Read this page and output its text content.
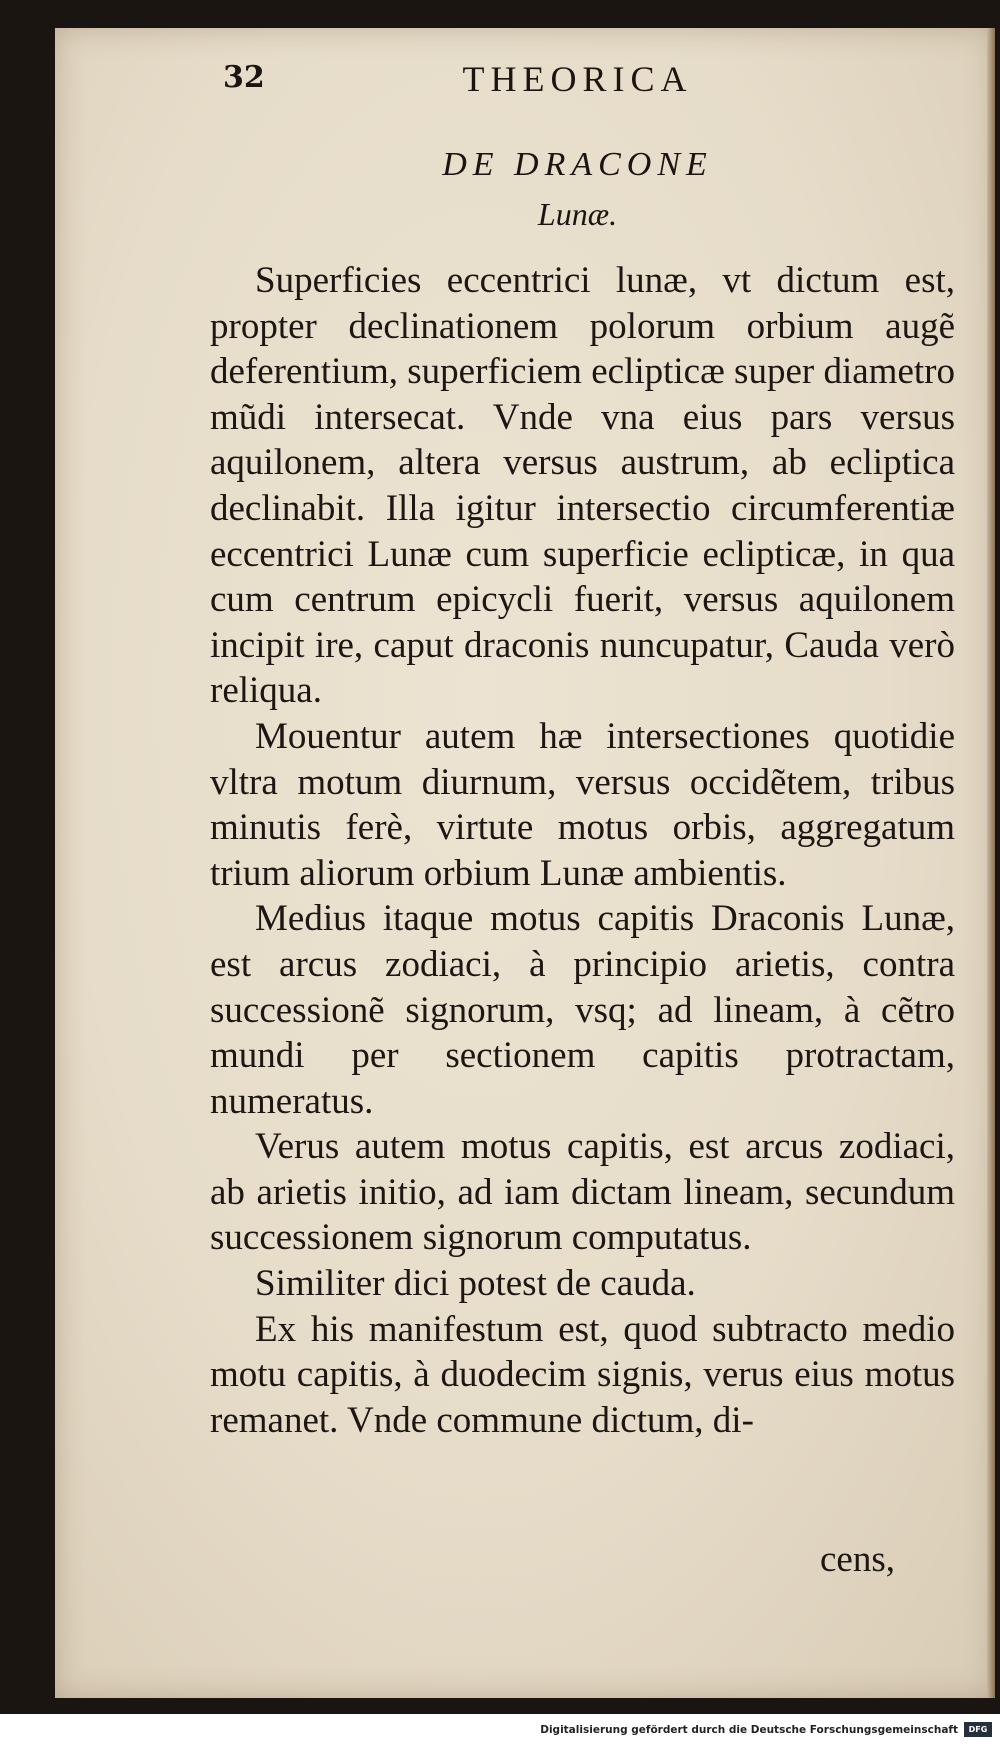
32	THEORICA
DE DRACONE
Lunæ.

Superficies eccentrici lunæ, vt dictum est, propter declinationem polorum orbium augẽ deferentium, superficiem eclipticæ super diametro mũdi intersecat. Vnde vna eius pars versus aquilonem, altera versus austrum, ab ecliptica declinabit. Illa igitur intersectio circumferentiæ eccentrici Lunæ cum superficie eclipticæ, in qua cum centrum epicycli fuerit, versus aquilonem incipit ire, caput draconis nuncupatur, Cauda verò reliqua.

Mouentur autem hæ intersectiones quotidie vltra motum diurnum, versus occidẽtem, tribus minutis ferè, virtute motus orbis, aggregatum trium aliorum orbium Lunæ ambientis.

Medius itaque motus capitis Draconis Lunæ, est arcus zodiaci, à principio arietis, contra successionẽ signorum, vsq; ad lineam, à cẽtro mundi per sectionem capitis protractam, numeratus.

Verus autem motus capitis, est arcus zodiaci, ab arietis initio, ad iam dictam lineam, secundum successionem signorum computatus.

Similiter dici potest de cauda.

Ex his manifestum est, quod subtracto medio motu capitis, à duodecim signis, verus eius motus remanet. Vnde commune dictum, di-

cens,
Digitalisierung gefördert durch die Deutsche Forschungsgemeinschaft	DFG
